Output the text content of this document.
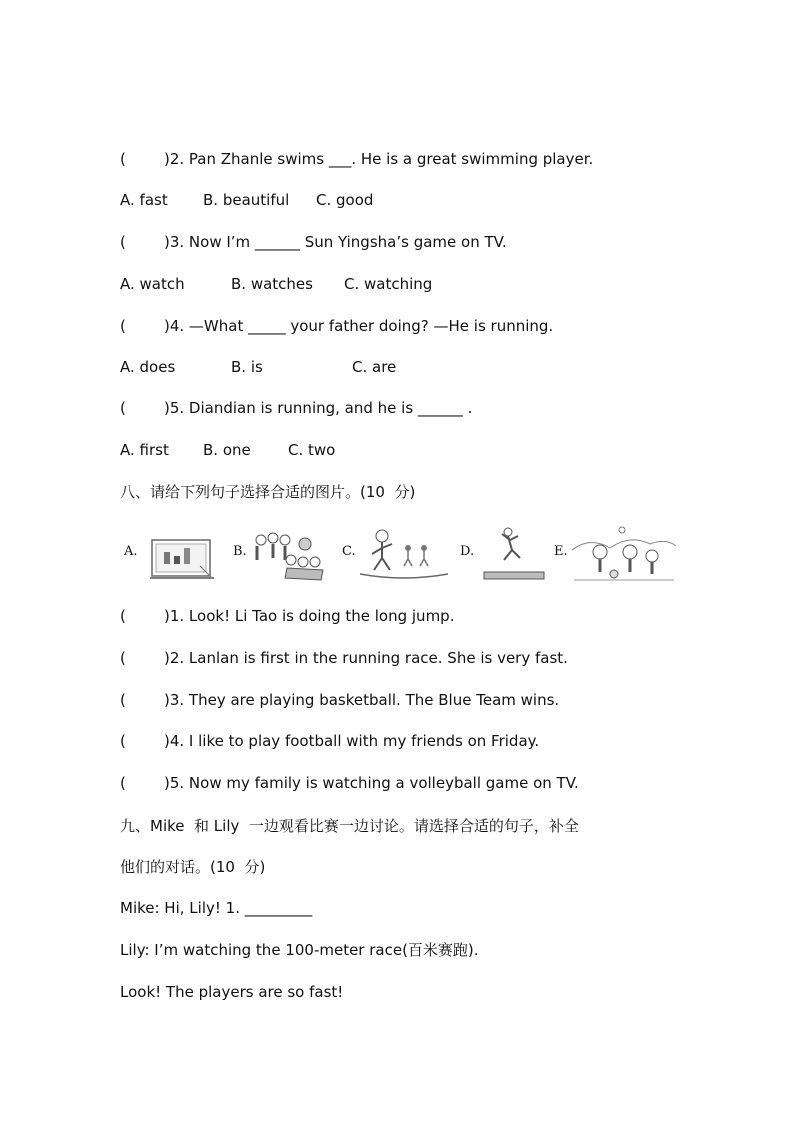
(        )2. Pan Zhanle swims ___. He is a great swimming player.
A. fast B. beautiful C. good
(        )3. Now I’m ______ Sun Yingsha’s game on TV.
A. watch	B. watches C. watching
(        )4. —What _____ your father doing? —He is running.
A. does	B. is	C. are
(        )5. Diandian is running, and he is ______ .
A. first B. one C. two
八、请给下列句子选择合适的图片。(10  分)
A.	B.	C.	D.	E.
(        )1. Look! Li Tao is doing the long jump.
(        )2. Lanlan is first in the running race. She is very fast.
(        )3. They are playing basketball. The Blue Team wins.
(        )4. I like to play football with my friends on Friday.
(        )5. Now my family is watching a volleyball game on TV.
九、Mike  和 Lily  一边观看比赛一边讨论。请选择合适的句子，补全
他们的对话。(10  分)
Mike: Hi, Lily! 1. _________
Lily: I’m watching the 100-meter race(百米赛跑).
Look! The players are so fast!
